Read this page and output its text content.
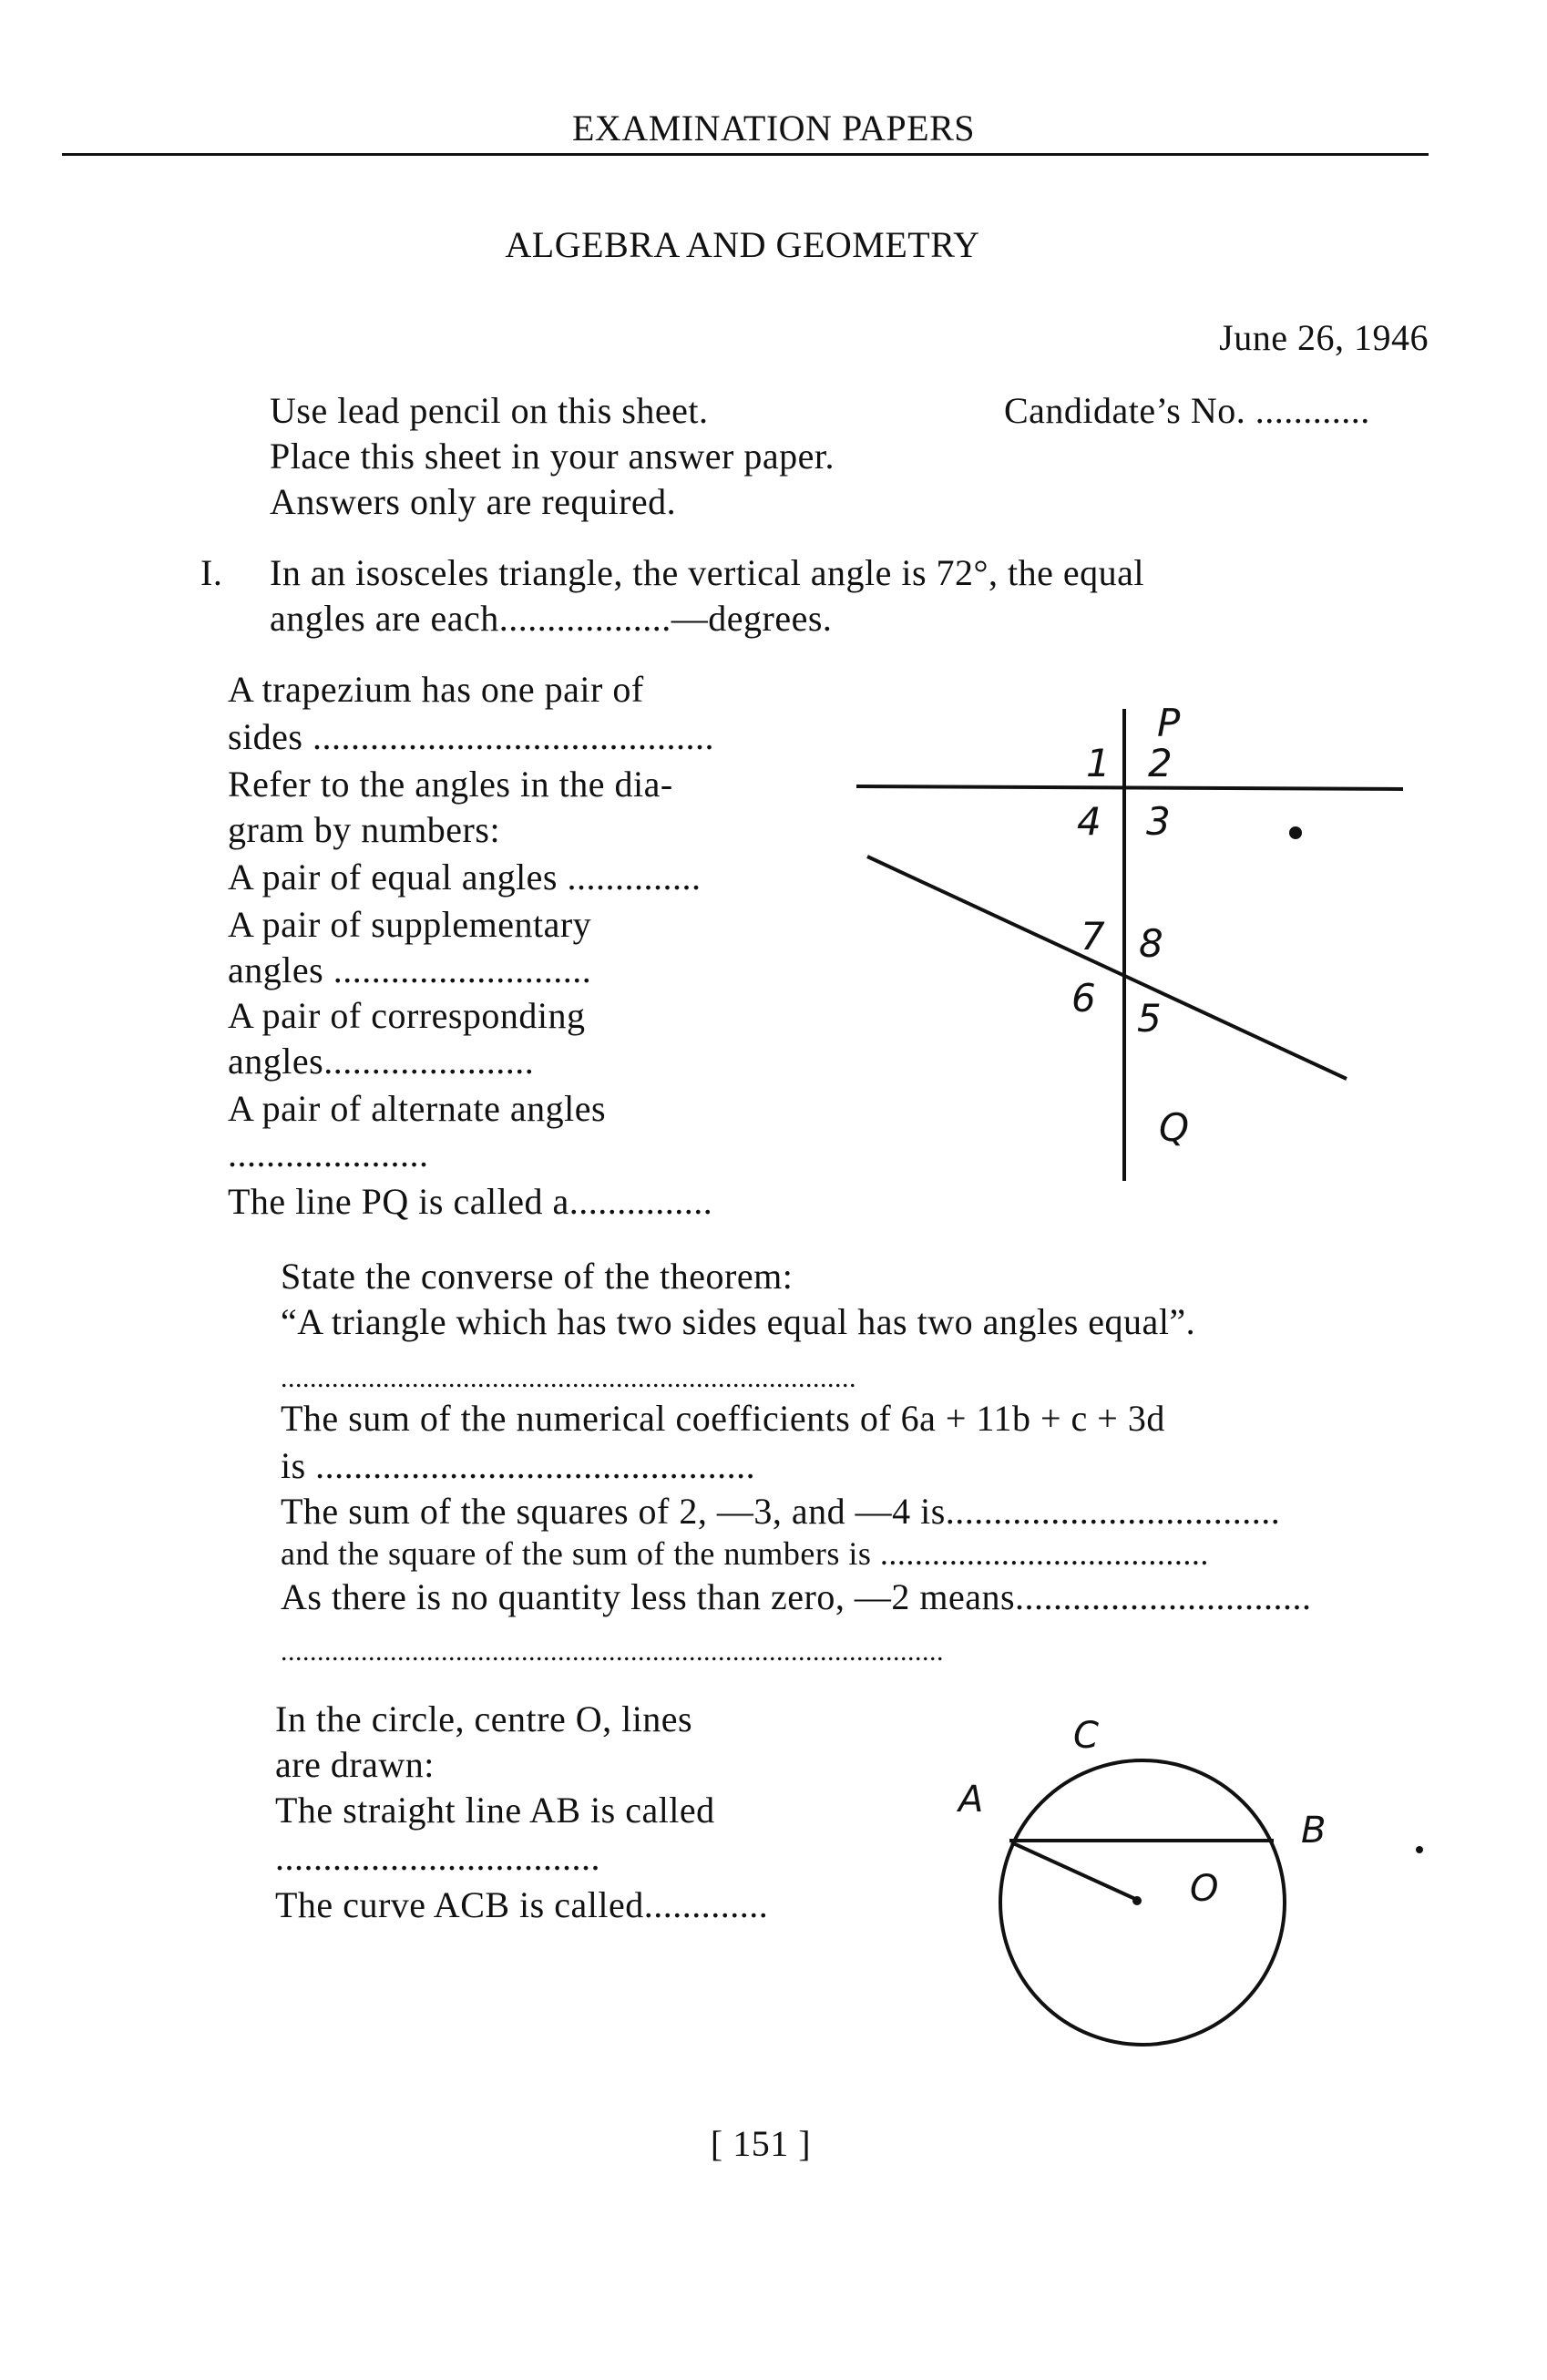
EXAMINATION PAPERS
ALGEBRA AND GEOMETRY
June 26, 1946
Use lead pencil on this sheet.	Candidate’s No. ............
Place this sheet in your answer paper.
Answers only are required.
I. In an isosceles triangle, the vertical angle is 72°, the equal
angles are each..................—degrees.
A trapezium has one pair of
sides ..........................................
Refer to the angles in the dia-
gram by numbers:
A pair of equal angles ..............
A pair of supplementary
angles ...........................
A pair of corresponding
angles......................
A pair of alternate angles
.....................
The line PQ is called a...............
P
1 2
4 3
7 8
6 5
Q
State the converse of the theorem:
“A triangle which has two sides equal has two angles equal”.
...............................................................................
The sum of the numerical coefficients of 6a + 11b + c + 3d
is ..............................................
The sum of the squares of 2, —3, and —4 is...................................
and the square of the sum of the numbers is ......................................
As there is no quantity less than zero, —2 means...............................
...........................................................................................
In the circle, centre O, lines
are drawn:
The straight line AB is called
..................................
The curve ACB is called.............
C
A
B
O
[ 151 ]
